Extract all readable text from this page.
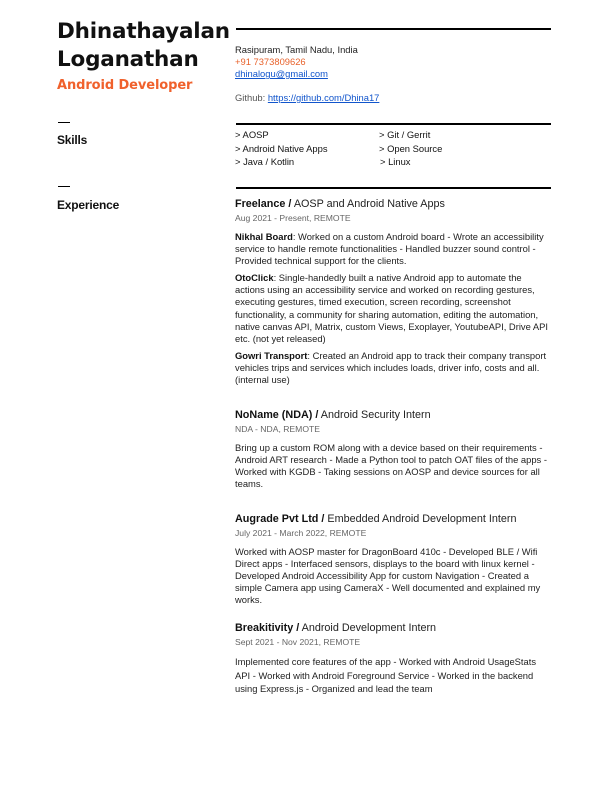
Dhinathayalan
Loganathan
Android Developer
Skills
Experience
Rasipuram, Tamil Nadu, India
+91 7373809626
dhinalogu@gmail.com
Github: https://github.com/Dhina17
> AOSP
> Android Native Apps
> Java / Kotlin
> Git / Gerrit
> Open Source
> Linux
Freelance / AOSP and Android Native Apps
Aug 2021 - Present, REMOTE
Nikhal Board: Worked on a custom Android board - Wrote an accessibility service to handle remote functionalities - Handled buzzer sound control - Provided technical support for the clients.
OtoClick: Single-handedly built a native Android app to automate the actions using an accessibility service and worked on recording gestures, executing gestures, timed execution, screen recording, screenshot functionality, a community for sharing automation, editing the automation, native canvas API, Matrix, custom Views, Exoplayer, YoutubeAPI, Drive API etc. (not yet released)
Gowri Transport: Created an Android app to track their company transport vehicles trips and services which includes loads, driver info, costs and all. (internal use)
NoName (NDA) / Android Security Intern
NDA - NDA, REMOTE
Bring up a custom ROM along with a device based on their requirements - Android ART research - Made a Python tool to patch OAT files of the apps - Worked with KGDB - Taking sessions on AOSP and device sources for all teams.
Augrade Pvt Ltd / Embedded Android Development Intern
July 2021 - March 2022, REMOTE
Worked with AOSP master for DragonBoard 410c - Developed BLE / Wifi Direct apps - Interfaced sensors, displays to the board with linux kernel - Developed Android Accessibility App for custom Navigation - Created a simple Camera app using CameraX - Well documented and explained my works.
Breakitivity / Android Development Intern
Sept 2021 - Nov 2021, REMOTE
Implemented core features of the app - Worked with Android UsageStats API - Worked with Android Foreground Service - Worked in the backend using Express.js - Organized and lead the team
